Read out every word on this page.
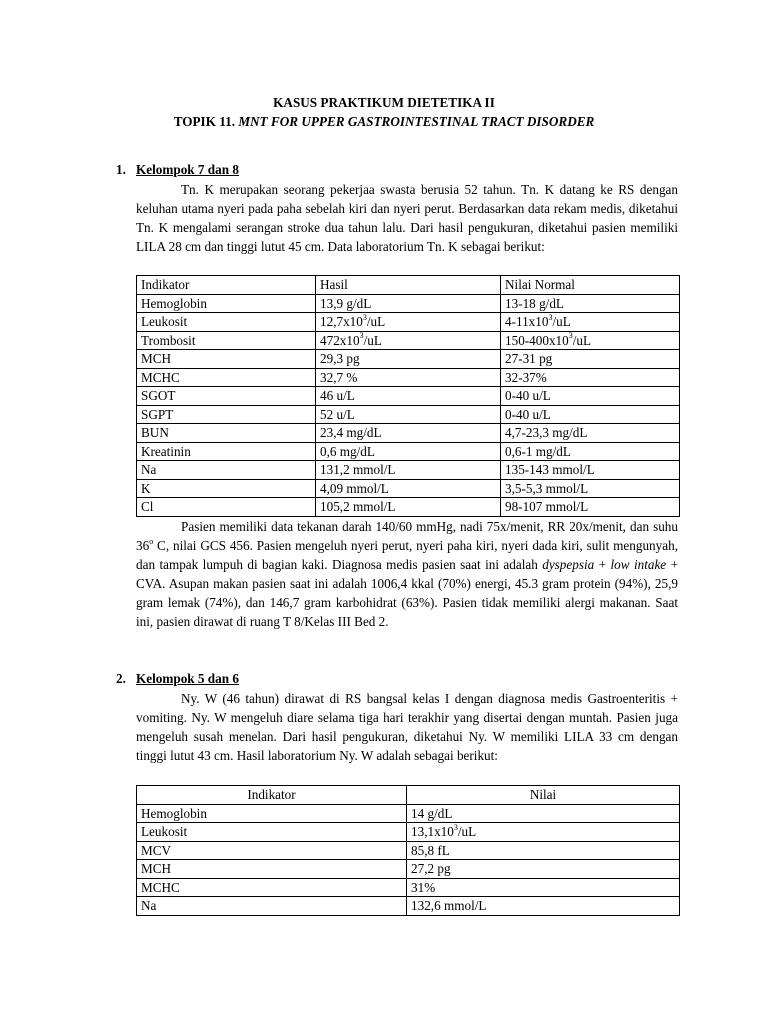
KASUS PRAKTIKUM DIETETIKA II
TOPIK 11. MNT FOR UPPER GASTROINTESTINAL TRACT DISORDER
1. Kelompok 7 dan 8
Tn. K merupakan seorang pekerjaa swasta berusia 52 tahun. Tn. K datang ke RS dengan keluhan utama nyeri pada paha sebelah kiri dan nyeri perut. Berdasarkan data rekam medis, diketahui Tn. K mengalami serangan stroke dua tahun lalu. Dari hasil pengukuran, diketahui pasien memiliki LILA 28 cm dan tinggi lutut 45 cm. Data laboratorium Tn. K sebagai berikut:
Indikator	Hasil	Nilai Normal
Hemoglobin	13,9 g/dL	13-18 g/dL
Leukosit	$12,7x10^3/uL$	$4-11x10^3/uL$
Trombosit	$472x10^3/uL$	$150-400x10^3/uL$
MCH	29,3 pg	27-31 pg
MCHC	32,7 %	32-37%
SGOT	46 u/L	0-40 u/L
SGPT	52 u/L	0-40 u/L
BUN	23,4 mg/dL	4,7-23,3 mg/dL
Kreatinin	0,6 mg/dL	0,6-1 mg/dL
Na	131,2 mmol/L	135-143 mmol/L
K	4,09 mmol/L	3,5-5,3 mmol/L
Cl	105,2 mmol/L	98-107 mmol/L
Pasien memiliki data tekanan darah 140/60 mmHg, nadi 75x/menit, RR 20x/menit, dan suhu 36$^o$ C, nilai GCS 456. Pasien mengeluh nyeri perut, nyeri paha kiri, nyeri dada kiri, sulit mengunyah, dan tampak lumpuh di bagian kaki. Diagnosa medis pasien saat ini adalah dyspepsia + low intake + CVA. Asupan makan pasien saat ini adalah 1006,4 kkal (70%) energi, 45.3 gram protein (94%), 25,9 gram lemak (74%), dan 146,7 gram karbohidrat (63%). Pasien tidak memiliki alergi makanan. Saat ini, pasien dirawat di ruang T 8/Kelas III Bed 2.
2. Kelompok 5 dan 6
Ny. W (46 tahun) dirawat di RS bangsal kelas I dengan diagnosa medis Gastroenteritis + vomiting. Ny. W mengeluh diare selama tiga hari terakhir yang disertai dengan muntah. Pasien juga mengeluh susah menelan. Dari hasil pengukuran, diketahui Ny. W memiliki LILA 33 cm dengan tinggi lutut 43 cm. Hasil laboratorium Ny. W adalah sebagai berikut:
Indikator	Nilai
Hemoglobin	14 g/dL
Leukosit	$13,1x10^3/uL$
MCV	85,8 fL
MCH	27,2 pg
MCHC	31%
Na	132,6 mmol/L
